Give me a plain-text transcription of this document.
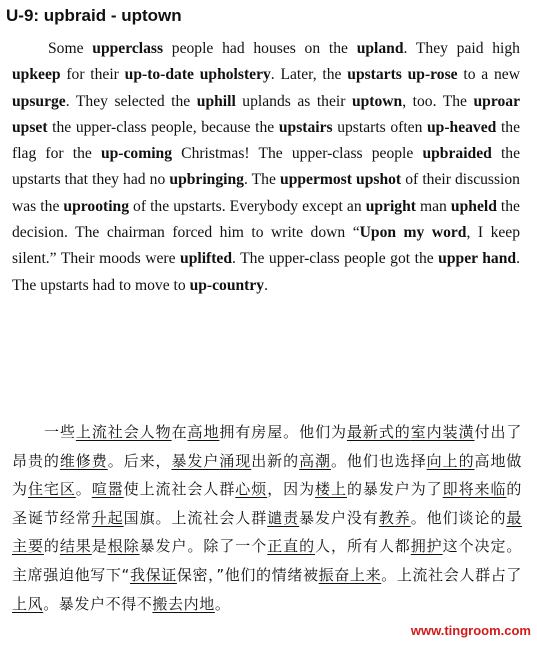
U-9: upbraid - uptown

Some upperclass people had houses on the upland. They paid high upkeep for their up-to-date upholstery. Later, the upstarts up-rose to a new upsurge. They selected the uphill uplands as their uptown, too. The uproar upset the upper-class people, because the upstairs upstarts often up-heaved the flag for the up-coming Christmas! The upper-class people upbraided the upstarts that they had no upbringing. The uppermost upshot of their discussion was the uprooting of the upstarts. Everybody except an upright man upheld the decision. The chairman forced him to write down “Upon my word, I keep silent.” Their moods were uplifted. The upper-class people got the upper hand. The upstarts had to move to up-country.

一些上流社会人物在高地拥有房屋。他们为最新式的室内装潢付出了昂贵的维修费。后来，暴发户涌现出新的高潮。他们也选择向上的高地做为住宅区。喧嚣使上流社会人群心烦，因为楼上的暴发户为了即将来临的圣诞节经常升起国旗。上流社会人群谴责暴发户没有教养。他们谈论的最主要的结果是根除暴发户。除了一个正直的人，所有人都拥护这个决定。主席强迫他写下“我保证保密，”他们的情绪被振奋上来。上流社会人群占了上风。暴发户不得不搬去内地。

www.tingroom.com
